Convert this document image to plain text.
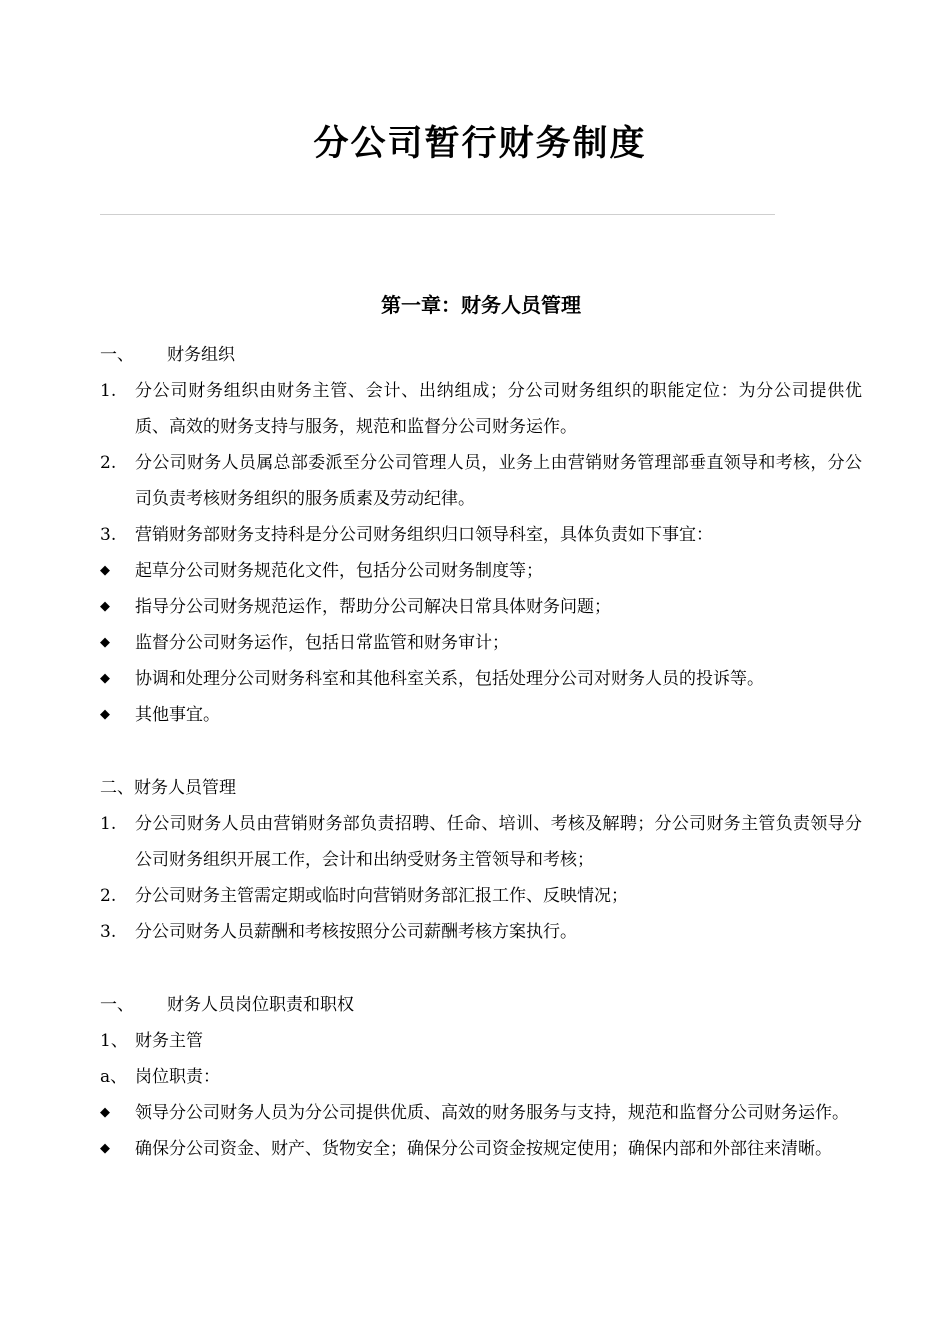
分公司暂行财务制度
第一章：财务人员管理
一、	财务组织
1.	分公司财务组织由财务主管、会计、出纳组成；分公司财务组织的职能定位：为分公司提供优质、高效的财务支持与服务，规范和监督分公司财务运作。
2.	分公司财务人员属总部委派至分公司管理人员，业务上由营销财务管理部垂直领导和考核，分公司负责考核财务组织的服务质素及劳动纪律。
3.	营销财务部财务支持科是分公司财务组织归口领导科室，具体负责如下事宜：
◆	起草分公司财务规范化文件，包括分公司财务制度等；
◆	指导分公司财务规范运作，帮助分公司解决日常具体财务问题；
◆	监督分公司财务运作，包括日常监管和财务审计；
◆	协调和处理分公司财务科室和其他科室关系，包括处理分公司对财务人员的投诉等。
◆	其他事宜。
二、财务人员管理
1.	分公司财务人员由营销财务部负责招聘、任命、培训、考核及解聘；分公司财务主管负责领导分公司财务组织开展工作，会计和出纳受财务主管领导和考核；
2.	分公司财务主管需定期或临时向营销财务部汇报工作、反映情况；
3.	分公司财务人员薪酬和考核按照分公司薪酬考核方案执行。
一、	财务人员岗位职责和职权
1、 财务主管
a、 岗位职责：
◆	领导分公司财务人员为分公司提供优质、高效的财务服务与支持，规范和监督分公司财务运作。
◆	确保分公司资金、财产、货物安全；确保分公司资金按规定使用；确保内部和外部往来清晰。
